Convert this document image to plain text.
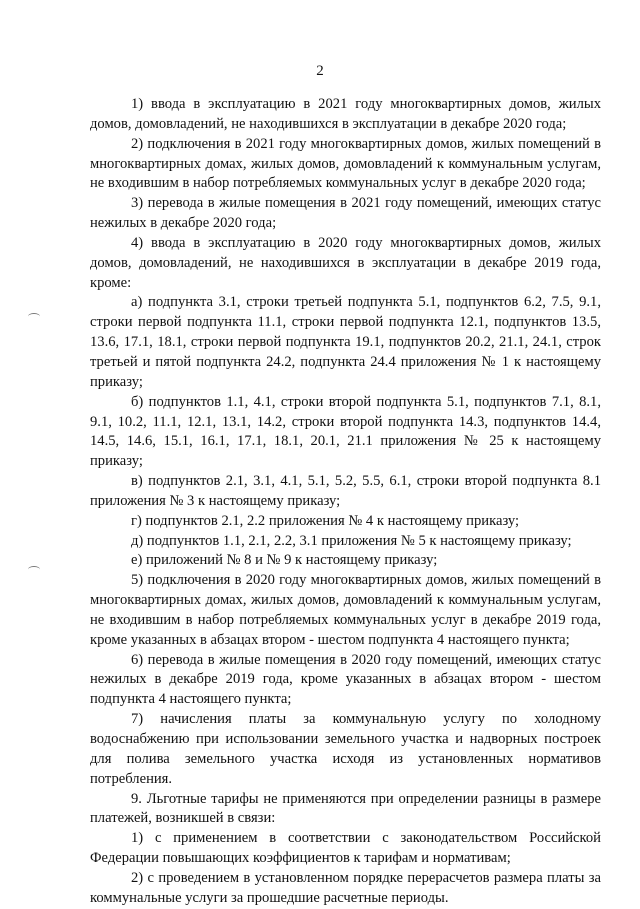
2

1) ввода в эксплуатацию в 2021 году многоквартирных домов, жилых домов, домовладений, не находившихся в эксплуатации в декабре 2020 года;

2) подключения в 2021 году многоквартирных домов, жилых помещений в многоквартирных домах, жилых домов, домовладений к коммунальным услугам, не входившим в набор потребляемых коммунальных услуг в декабре 2020 года;

3) перевода в жилые помещения в 2021 году помещений, имеющих статус нежилых в декабре 2020 года;

4) ввода в эксплуатацию в 2020 году многоквартирных домов, жилых домов, домовладений, не находившихся в эксплуатации в декабре 2019 года, кроме:

а) подпункта 3.1, строки третьей подпункта 5.1, подпунктов 6.2, 7.5, 9.1, строки первой подпункта 11.1, строки первой подпункта 12.1, подпунктов 13.5, 13.6, 17.1, 18.1, строки первой подпункта 19.1, подпунктов 20.2, 21.1, 24.1, строк третьей и пятой подпункта 24.2, подпункта 24.4 приложения № 1 к настоящему приказу;

б) подпунктов 1.1, 4.1, строки второй подпункта 5.1, подпунктов 7.1, 8.1, 9.1, 10.2, 11.1, 12.1, 13.1, 14.2, строки второй подпункта 14.3, подпунктов 14.4, 14.5, 14.6, 15.1, 16.1, 17.1, 18.1, 20.1, 21.1 приложения № 25 к настоящему приказу;

в) подпунктов 2.1, 3.1, 4.1, 5.1, 5.2, 5.5, 6.1, строки второй подпункта 8.1 приложения № 3 к настоящему приказу;

г) подпунктов 2.1, 2.2 приложения № 4 к настоящему приказу;

д) подпунктов 1.1, 2.1, 2.2, 3.1 приложения № 5 к настоящему приказу;

е) приложений № 8 и № 9 к настоящему приказу;

5) подключения в 2020 году многоквартирных домов, жилых помещений в многоквартирных домах, жилых домов, домовладений к коммунальным услугам, не входившим в набор потребляемых коммунальных услуг в декабре 2019 года, кроме указанных в абзацах втором - шестом подпункта 4 настоящего пункта;

6) перевода в жилые помещения в 2020 году помещений, имеющих статус нежилых в декабре 2019 года, кроме указанных в абзацах втором - шестом подпункта 4 настоящего пункта;

7) начисления платы за коммунальную услугу по холодному водоснабжению при использовании земельного участка и надворных построек для полива земельного участка исходя из установленных нормативов потребления.

9. Льготные тарифы не применяются при определении разницы в размере платежей, возникшей в связи:

1) с применением в соответствии с законодательством Российской Федерации повышающих коэффициентов к тарифам и нормативам;

2) с проведением в установленном порядке перерасчетов размера платы за коммунальные услуги за прошедшие расчетные периоды.
